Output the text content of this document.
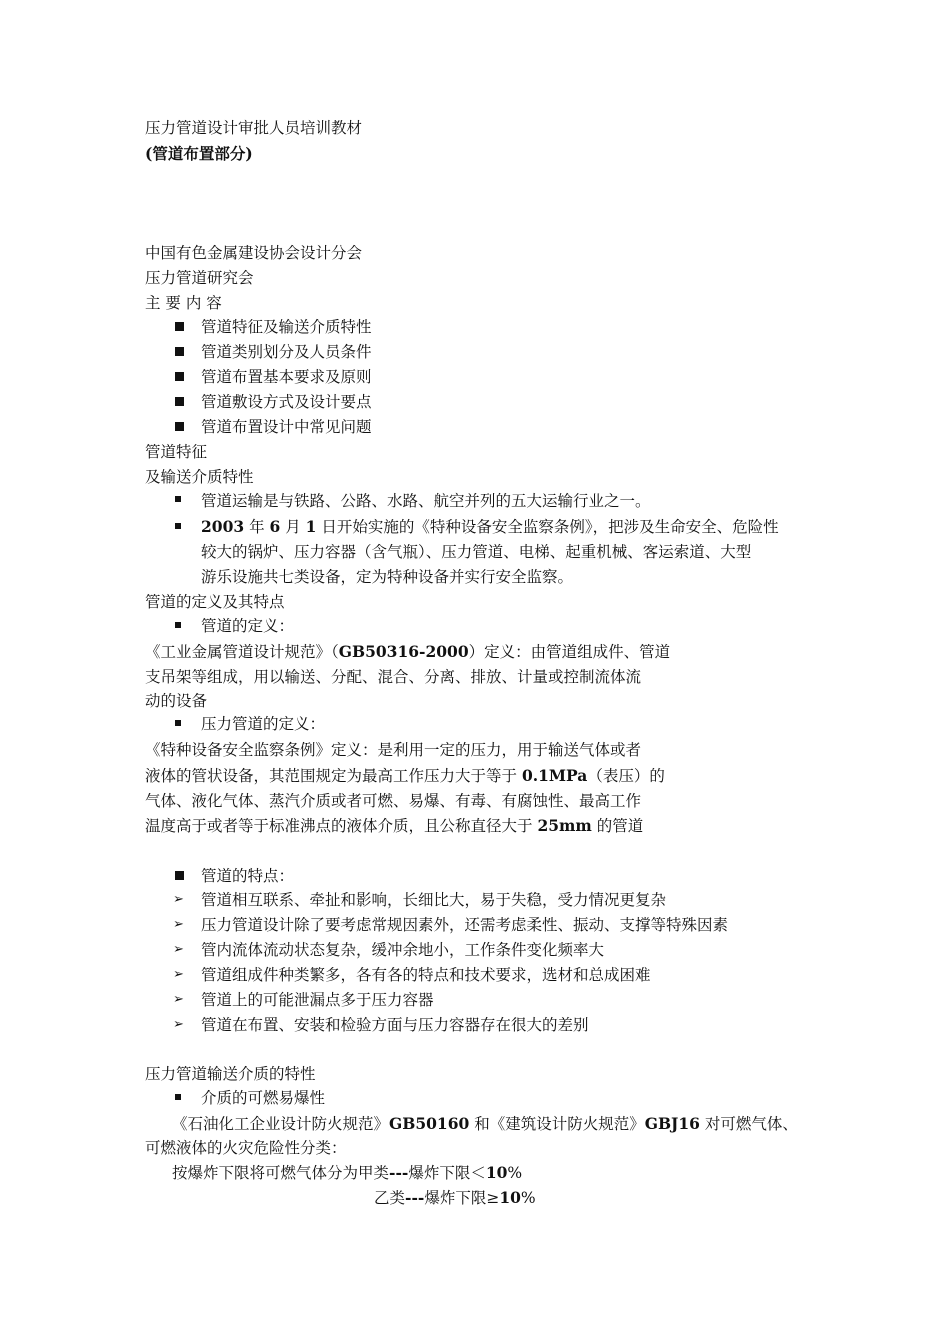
压力管道设计审批人员培训教材
(管道布置部分)
中国有色金属建设协会设计分会
压力管道研究会
主 要 内 容
管道特征及输送介质特性
管道类别划分及人员条件
管道布置基本要求及原则
管道敷设方式及设计要点
管道布置设计中常见问题
管道特征
及输送介质特性
管道运输是与铁路、公路、水路、航空并列的五大运输行业之一。
2003 年 6 月 1 日开始实施的《特种设备安全监察条例》，把涉及生命安全、危险性
较大的锅炉、压力容器（含气瓶）、压力管道、电梯、起重机械、客运索道、大型
游乐设施共七类设备，定为特种设备并实行安全监察。
管道的定义及其特点
管道的定义：
《工业金属管道设计规范》（GB50316-2000）定义：由管道组成件、管道
支吊架等组成，用以输送、分配、混合、分离、排放、计量或控制流体流
动的设备
压力管道的定义：
《特种设备安全监察条例》定义：是利用一定的压力，用于输送气体或者
液体的管状设备，其范围规定为最高工作压力大于等于 0.1MPa（表压）的
气体、液化气体、蒸汽介质或者可燃、易爆、有毒、有腐蚀性、最高工作
温度高于或者等于标准沸点的液体介质，且公称直径大于 25mm 的管道
管道的特点：
➢ 管道相互联系、牵扯和影响，长细比大，易于失稳，受力情况更复杂
➢ 压力管道设计除了要考虑常规因素外，还需考虑柔性、振动、支撑等特殊因素
➢ 管内流体流动状态复杂，缓冲余地小，工作条件变化频率大
➢ 管道组成件种类繁多，各有各的特点和技术要求，选材和总成困难
➢ 管道上的可能泄漏点多于压力容器
➢ 管道在布置、安装和检验方面与压力容器存在很大的差别
压力管道输送介质的特性
介质的可燃易爆性
《石油化工企业设计防火规范》GB50160 和《建筑设计防火规范》GBJ16 对可燃气体、
可燃液体的火灾危险性分类：
按爆炸下限将可燃气体分为甲类---爆炸下限＜10%
乙类---爆炸下限≥10%
